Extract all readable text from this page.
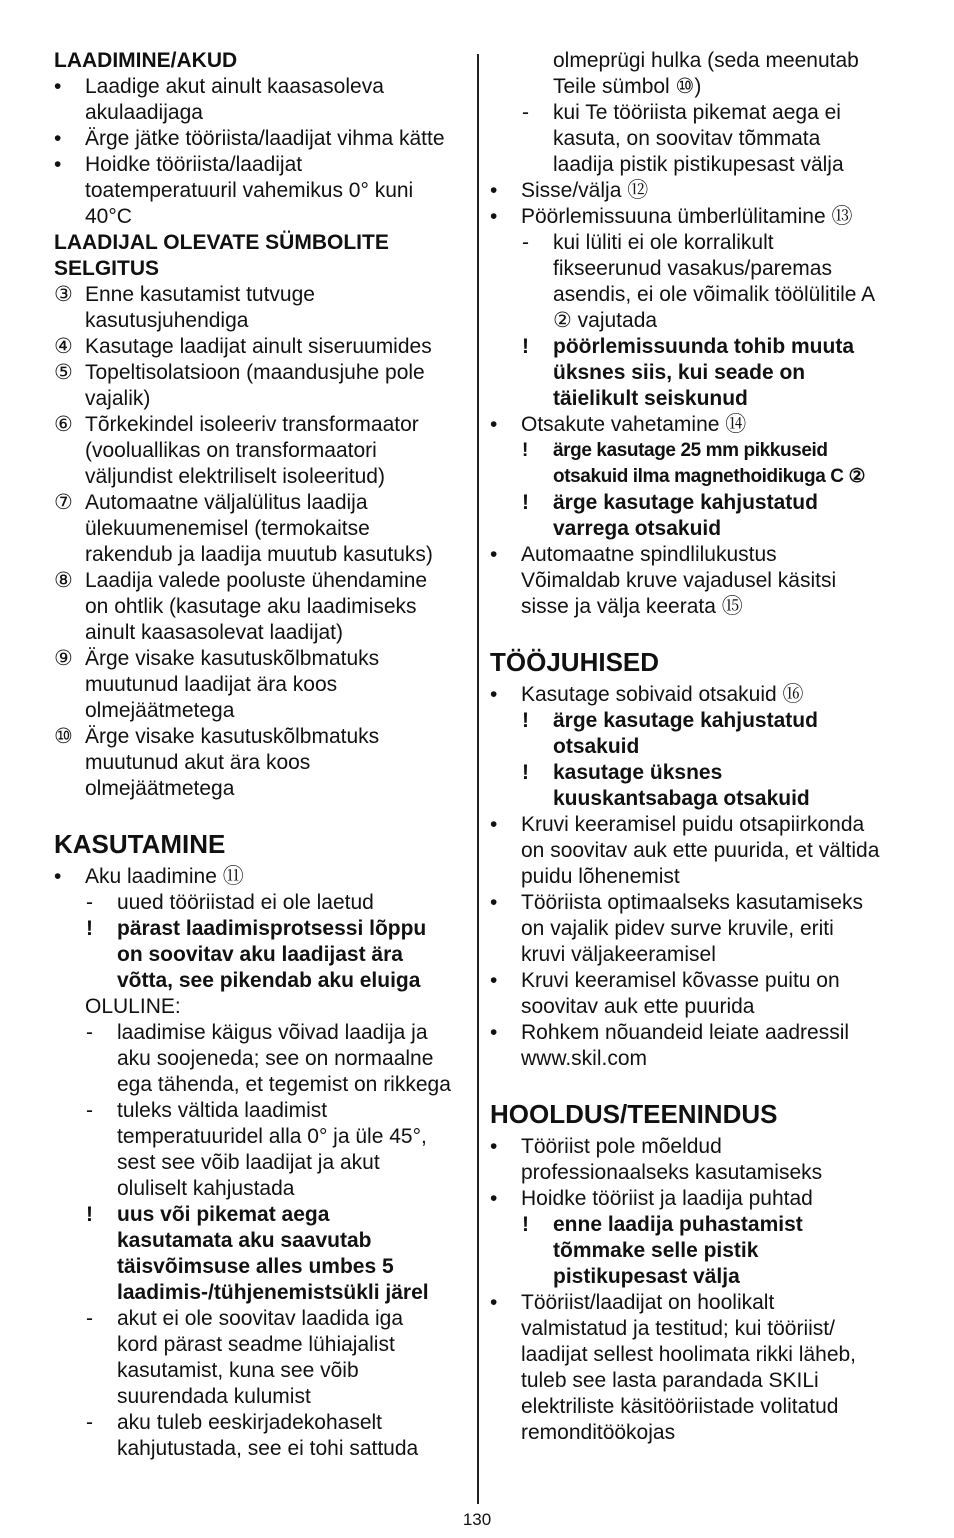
LAADIMINE/AKUD
•	Laadige akut ainult kaasasoleva
akulaadijaga
•	Ärge jätke tööriista/laadijat vihma kätte
•	Hoidke tööriista/laadijat
toatemperatuuril vahemikus 0° kuni
40°C
LAADIJAL OLEVATE SÜMBOLITE
SELGITUS
③ Enne kasutamist tutvuge
kasutusjuhendiga
④ Kasutage laadijat ainult siseruumides
⑤ Topeltisolatsioon (maandusjuhe pole
vajalik)
⑥ Tõrkekindel isoleeriv transformaator
(vooluallikas on transformaatori
väljundist elektriliselt isoleeritud)
⑦ Automaatne väljalülitus laadija
ülekuumenemisel (termokaitse
rakendub ja laadija muutub kasutuks)
⑧ Laadija valede pooluste ühendamine
on ohtlik (kasutage aku laadimiseks
ainult kaasasolevat laadijat)
⑨ Ärge visake kasutuskõlbmatuks
muutunud laadijat ära koos
olmejäätmetega
⑩ Ärge visake kasutuskõlbmatuks
muutunud akut ära koos
olmejäätmetega
KASUTAMINE
•	Aku laadimine ⑪
-	uued tööriistad ei ole laetud
!	pärast laadimisprotsessi lõppu
on soovitav aku laadijast ära
võtta, see pikendab aku eluiga
OLULINE:
-	laadimise käigus võivad laadija ja
aku soojeneda; see on normaalne
ega tähenda, et tegemist on rikkega
-	tuleks vältida laadimist
temperatuuridel alla 0° ja üle 45°,
sest see võib laadijat ja akut
oluliselt kahjustada
!	uus või pikemat aega
kasutamata aku saavutab
täisvõimsuse alles umbes 5
laadimis-/tühjenemistsükli järel
-	akut ei ole soovitav laadida iga
kord pärast seadme lühiajalist
kasutamist, kuna see võib
suurendada kulumist
-	aku tuleb eeskirjadekohaselt
kahjutustada, see ei tohi sattuda
olmeprügi hulka (seda meenutab
Teile sümbol ⑩)
-	kui Te tööriista pikemat aega ei
kasuta, on soovitav tõmmata
laadija pistik pistikupesast välja
•	Sisse/välja ⑫
•	Pöörlemissuuna ümberlülitamine ⑬
-	kui lüliti ei ole korralikult
fikseerunud vasakus/paremas
asendis, ei ole võimalik töölülitile A
② vajutada
!	pöörlemissuunda tohib muuta
üksnes siis, kui seade on
täielikult seiskunud
•	Otsakute vahetamine ⑭
!	ärge kasutage 25 mm pikkuseid
otsakuid ilma magnethoidikuga C ②
!	ärge kasutage kahjustatud
varrega otsakuid
•	Automaatne spindlilukustus
Võimaldab kruve vajadusel käsitsi
sisse ja välja keerata ⑮
TÖÖJUHISED
•	Kasutage sobivaid otsakuid ⑯
!	ärge kasutage kahjustatud
otsakuid
!	kasutage üksnes
kuuskantsabaga otsakuid
•	Kruvi keeramisel puidu otsapiirkonda
on soovitav auk ette puurida, et vältida
puidu lõhenemist
•	Tööriista optimaalseks kasutamiseks
on vajalik pidev surve kruvile, eriti
kruvi väljakeeramisel
•	Kruvi keeramisel kõvasse puitu on
soovitav auk ette puurida
•	Rohkem nõuandeid leiate aadressil
www.skil.com
HOOLDUS/TEENINDUS
•	Tööriist pole mõeldud
professionaalseks kasutamiseks
•	Hoidke tööriist ja laadija puhtad
!	enne laadija puhastamist
tõmmake selle pistik
pistikupesast välja
•	Tööriist/laadijat on hoolikalt
valmistatud ja testitud; kui tööriist/
laadijat sellest hoolimata rikki läheb,
tuleb see lasta parandada SKILi
elektriliste käsitööriistade volitatud
remonditöökojas
130
